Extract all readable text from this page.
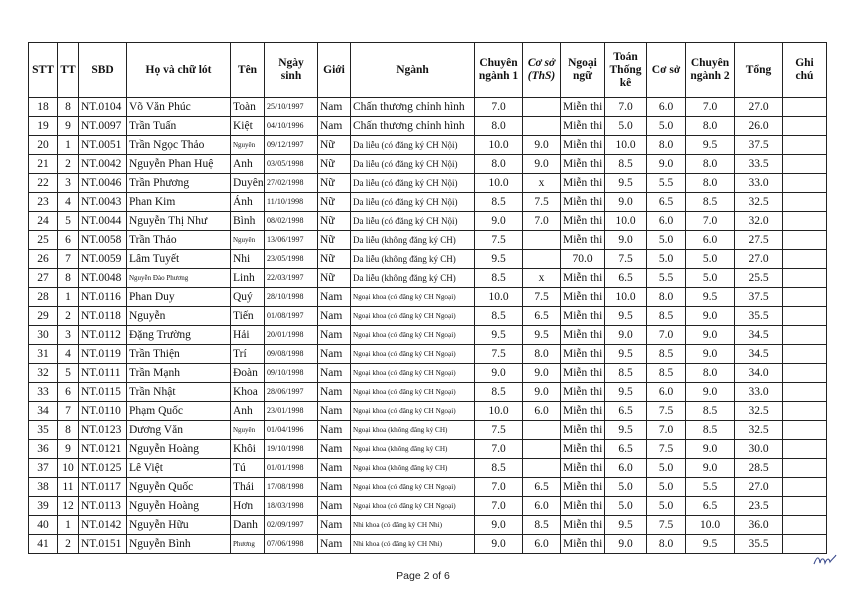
STT	TT	SBD	Họ và chữ lót	Tên	Ngày sinh	Giới	Ngành	Chuyên ngành 1	Cơ sở (ThS)	Ngoại ngữ	Toán Thống kê	Cơ sở	Chuyên ngành 2	Tổng	Ghi chú
18	8	NT.0104	Võ Văn Phúc	Toàn	25/10/1997	Nam	Chấn thương chỉnh hình	7.0		Miễn thi	7.0	6.0	7.0	27.0	
19	9	NT.0097	Trần Tuấn	Kiệt	04/10/1996	Nam	Chấn thương chỉnh hình	8.0		Miễn thi	5.0	5.0	8.0	26.0	
20	1	NT.0051	Trần Ngọc Thảo	Nguyên	09/12/1997	Nữ	Da liễu (có đăng ký CH Nội)	10.0	9.0	Miễn thi	10.0	8.0	9.5	37.5	
21	2	NT.0042	Nguyễn Phan Huệ	Anh	03/05/1998	Nữ	Da liễu (có đăng ký CH Nội)	8.0	9.0	Miễn thi	8.5	9.0	8.0	33.5	
22	3	NT.0046	Trần Phương	Duyên	27/02/1998	Nữ	Da liễu (có đăng ký CH Nội)	10.0	x	Miễn thi	9.5	5.5	8.0	33.0	
23	4	NT.0043	Phan Kim	Ánh	11/10/1998	Nữ	Da liễu (có đăng ký CH Nội)	8.5	7.5	Miễn thi	9.0	6.5	8.5	32.5	
24	5	NT.0044	Nguyễn Thị Như	Bình	08/02/1998	Nữ	Da liễu (có đăng ký CH Nội)	9.0	7.0	Miễn thi	10.0	6.0	7.0	32.0	
25	6	NT.0058	Trần Thảo	Nguyên	13/06/1997	Nữ	Da liễu (không đăng ký CH)	7.5		Miễn thi	9.0	5.0	6.0	27.5	
26	7	NT.0059	Lâm Tuyết	Nhi	23/05/1998	Nữ	Da liễu (không đăng ký CH)	9.5		70.0	7.5	5.0	5.0	27.0	
27	8	NT.0048	Nguyễn Đào Phương	Linh	22/03/1997	Nữ	Da liễu (không đăng ký CH)	8.5	x	Miễn thi	6.5	5.5	5.0	25.5	
28	1	NT.0116	Phan Duy	Quý	28/10/1998	Nam	Ngoại khoa (có đăng ký CH Ngoại)	10.0	7.5	Miễn thi	10.0	8.0	9.5	37.5	
29	2	NT.0118	Nguyễn	Tiến	01/08/1997	Nam	Ngoại khoa (có đăng ký CH Ngoại)	8.5	6.5	Miễn thi	9.5	8.5	9.0	35.5	
30	3	NT.0112	Đặng Trường	Hải	20/01/1998	Nam	Ngoại khoa (có đăng ký CH Ngoại)	9.5	9.5	Miễn thi	9.0	7.0	9.0	34.5	
31	4	NT.0119	Trần Thiện	Trí	09/08/1998	Nam	Ngoại khoa (có đăng ký CH Ngoại)	7.5	8.0	Miễn thi	9.5	8.5	9.0	34.5	
32	5	NT.0111	Trần Mạnh	Đoàn	09/10/1998	Nam	Ngoại khoa (có đăng ký CH Ngoại)	9.0	9.0	Miễn thi	8.5	8.5	8.0	34.0	
33	6	NT.0115	Trần Nhật	Khoa	28/06/1997	Nam	Ngoại khoa (có đăng ký CH Ngoại)	8.5	9.0	Miễn thi	9.5	6.0	9.0	33.0	
34	7	NT.0110	Phạm Quốc	Anh	23/01/1998	Nam	Ngoại khoa (có đăng ký CH Ngoại)	10.0	6.0	Miễn thi	6.5	7.5	8.5	32.5	
35	8	NT.0123	Dương Văn	Nguyên	01/04/1996	Nam	Ngoại khoa (không đăng ký CH)	7.5		Miễn thi	9.5	7.0	8.5	32.5	
36	9	NT.0121	Nguyễn Hoàng	Khôi	19/10/1998	Nam	Ngoại khoa (không đăng ký CH)	7.0		Miễn thi	6.5	7.5	9.0	30.0	
37	10	NT.0125	Lê Việt	Tú	01/01/1998	Nam	Ngoại khoa (không đăng ký CH)	8.5		Miễn thi	6.0	5.0	9.0	28.5	
38	11	NT.0117	Nguyễn Quốc	Thái	17/08/1998	Nam	Ngoại khoa (có đăng ký CH Ngoại)	7.0	6.5	Miễn thi	5.0	5.0	5.5	27.0	
39	12	NT.0113	Nguyễn Hoàng	Hơn	18/03/1998	Nam	Ngoại khoa (có đăng ký CH Ngoại)	7.0	6.0	Miễn thi	5.0	5.0	6.5	23.5	
40	1	NT.0142	Nguyễn Hữu	Danh	02/09/1997	Nam	Nhi khoa (có đăng ký CH Nhi)	9.0	8.5	Miễn thi	9.5	7.5	10.0	36.0	
41	2	NT.0151	Nguyễn Bình	Phương	07/06/1998	Nam	Nhi khoa (có đăng ký CH Nhi)	9.0	6.0	Miễn thi	9.0	8.0	9.5	35.5	
Page 2 of 6
